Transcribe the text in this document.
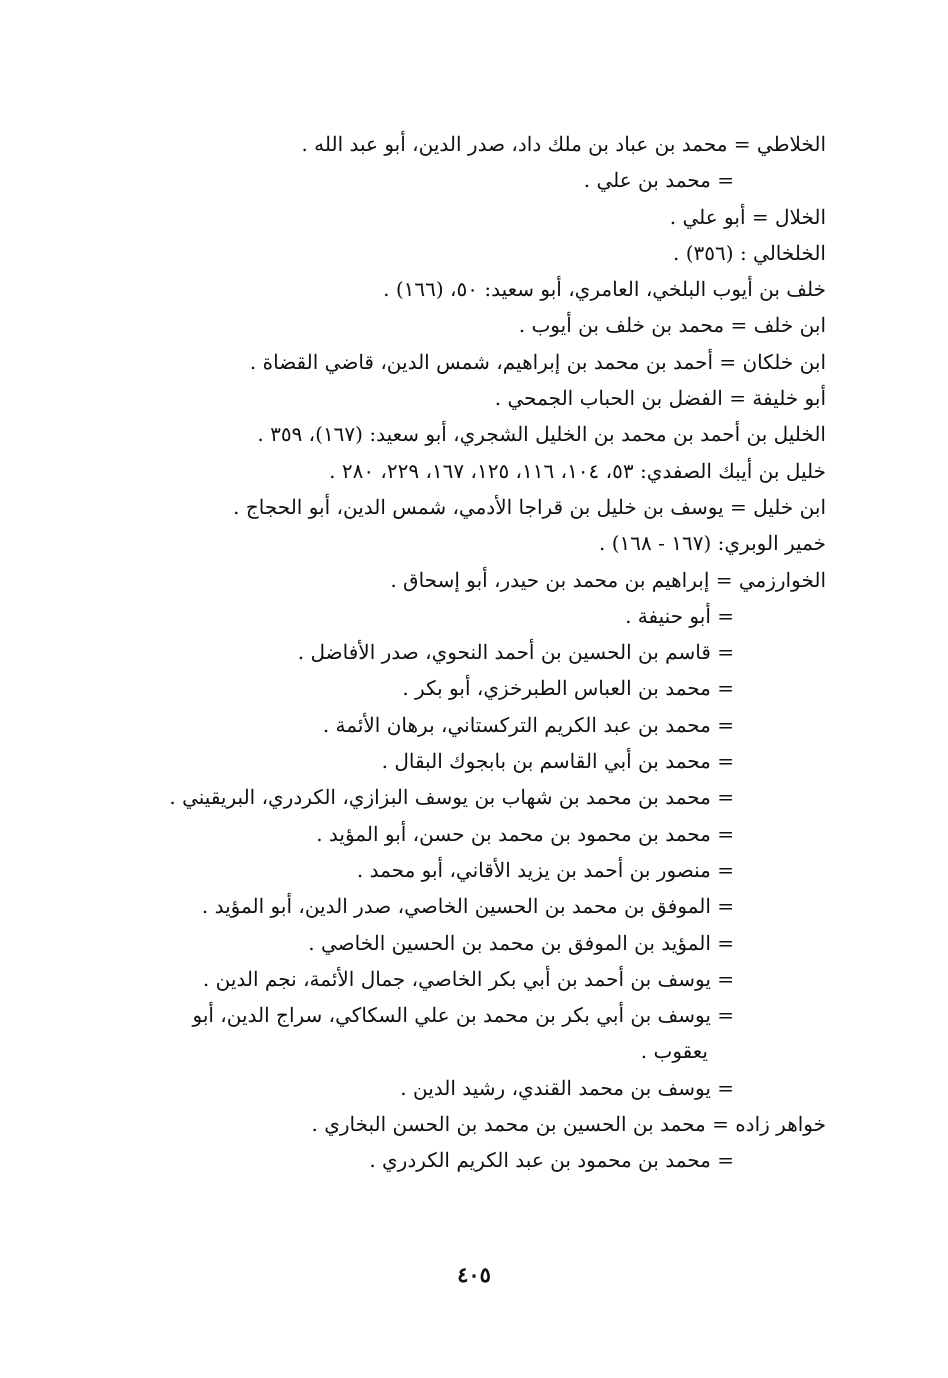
الخلاطي = محمد بن عباد بن ملك داد، صدر الدين، أبو عبد الله .
= محمد بن علي .
الخلال = أبو علي .
الخلخالي : (٣٥٦) .
خلف بن أيوب البلخي، العامري، أبو سعيد: ٥٠، (١٦٦) .
ابن خلف = محمد بن خلف بن أيوب .
ابن خلكان = أحمد بن محمد بن إبراهيم، شمس الدين، قاضي القضاة .
أبو خليفة = الفضل بن الحباب الجمحي .
الخليل بن أحمد بن محمد بن الخليل الشجري، أبو سعيد: (١٦٧)، ٣٥٩ .
خليل بن أيبك الصفدي: ٥٣، ١٠٤، ١١٦، ١٢٥، ١٦٧، ٢٢٩، ٢٨٠ .
ابن خليل = يوسف بن خليل بن قراجا الأدمي، شمس الدين، أبو الحجاج .
خمير الوبري: (١٦٧ - ١٦٨) .
الخوارزمي = إبراهيم بن محمد بن حيدر، أبو إسحاق .
= أبو حنيفة .
= قاسم بن الحسين بن أحمد النحوي، صدر الأفاضل .
= محمد بن العباس الطبرخزي، أبو بكر .
= محمد بن عبد الكريم التركستاني، برهان الأئمة .
= محمد بن أبي القاسم بن بابجوك البقال .
= محمد بن محمد بن شهاب بن يوسف البزازي، الكردري، البريقيني .
= محمد بن محمود بن محمد بن حسن، أبو المؤيد .
= منصور بن أحمد بن يزيد الأقاني، أبو محمد .
= الموفق بن محمد بن الحسين الخاصي، صدر الدين، أبو المؤيد .
= المؤيد بن الموفق بن محمد بن الحسين الخاصي .
= يوسف بن أحمد بن أبي بكر الخاصي، جمال الأئمة، نجم الدين .
= يوسف بن أبي بكر بن محمد بن علي السكاكي، سراج الدين، أبو
يعقوب .
= يوسف بن محمد القندي، رشيد الدين .
خواهر زاده = محمد بن الحسين بن محمد بن الحسن البخاري .
= محمد بن محمود بن عبد الكريم الكردري .
٤٠٥
